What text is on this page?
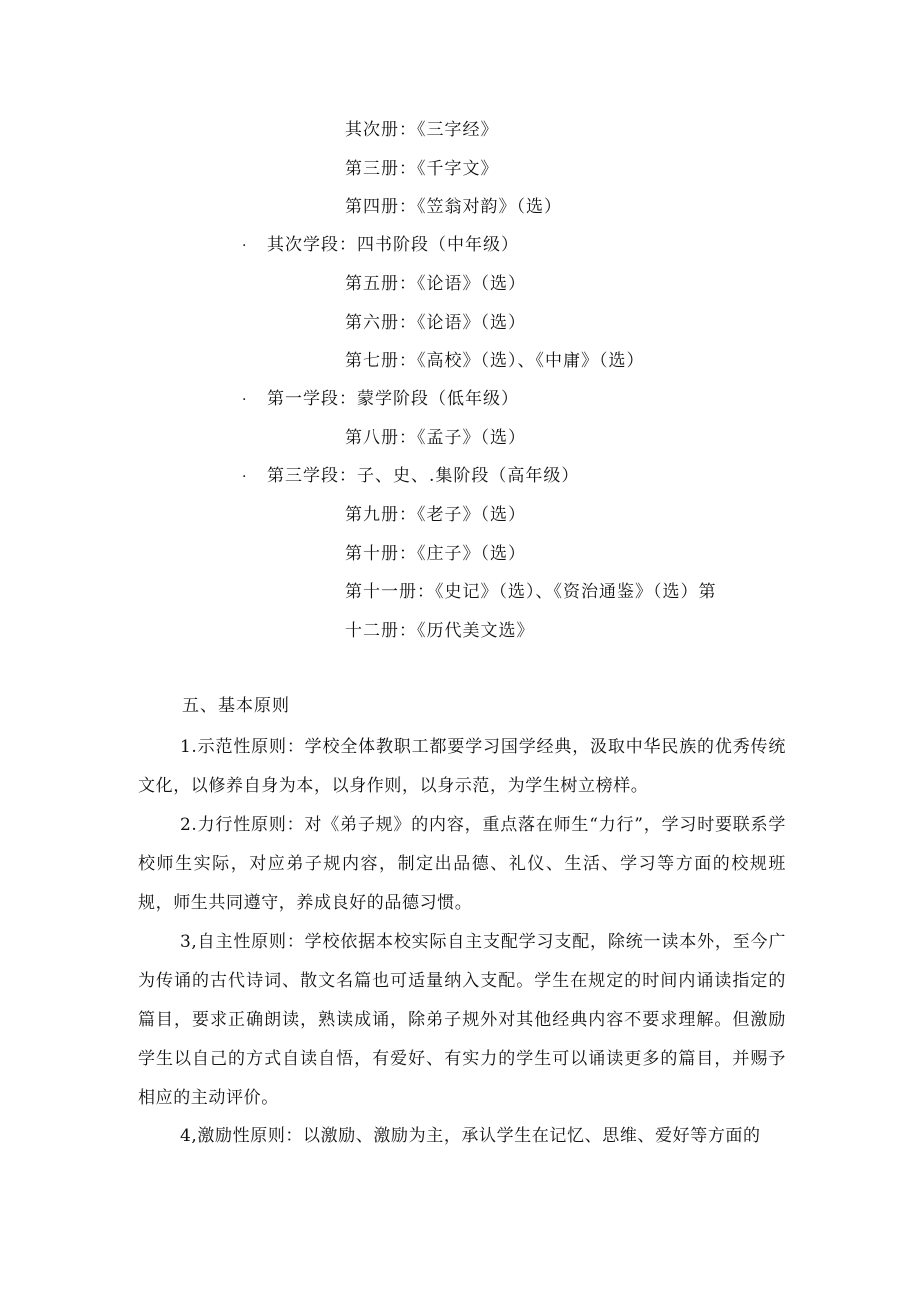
其次册：《三字经》
第三册：《千字文》
第四册：《笠翁对韵》（选）
· 其次学段：四书阶段（中年级）
第五册：《论语》（选）
第六册：《论语》（选）
第七册：《高校》（选）、《中庸》（选）
· 第一学段：蒙学阶段（低年级）
第八册：《孟子》（选）
· 第三学段：子、史、.集阶段（高年级）
第九册：《老子》（选）
第十册：《庄子》（选）
第十一册：《史记》（选）、《资治通鉴》（选）第
十二册：《历代美文选》
五、基本原则
1.示范性原则：学校全体教职工都要学习国学经典，汲取中华民族的优秀传统文化，以修养自身为本，以身作则，以身示范，为学生树立榜样。
2.力行性原则：对《弟子规》的内容，重点落在师生“力行”，学习时要联系学校师生实际，对应弟子规内容，制定出品德、礼仪、生活、学习等方面的校规班规，师生共同遵守，养成良好的品德习惯。
3,自主性原则：学校依据本校实际自主支配学习支配，除统一读本外，至今广为传诵的古代诗词、散文名篇也可适量纳入支配。学生在规定的时间内诵读指定的篇目，要求正确朗读，熟读成诵，除弟子规外对其他经典内容不要求理解。但激励学生以自己的方式自读自悟，有爱好、有实力的学生可以诵读更多的篇目，并赐予相应的主动评价。
4,激励性原则：以激励、激励为主，承认学生在记忆、思维、爱好等方面的
